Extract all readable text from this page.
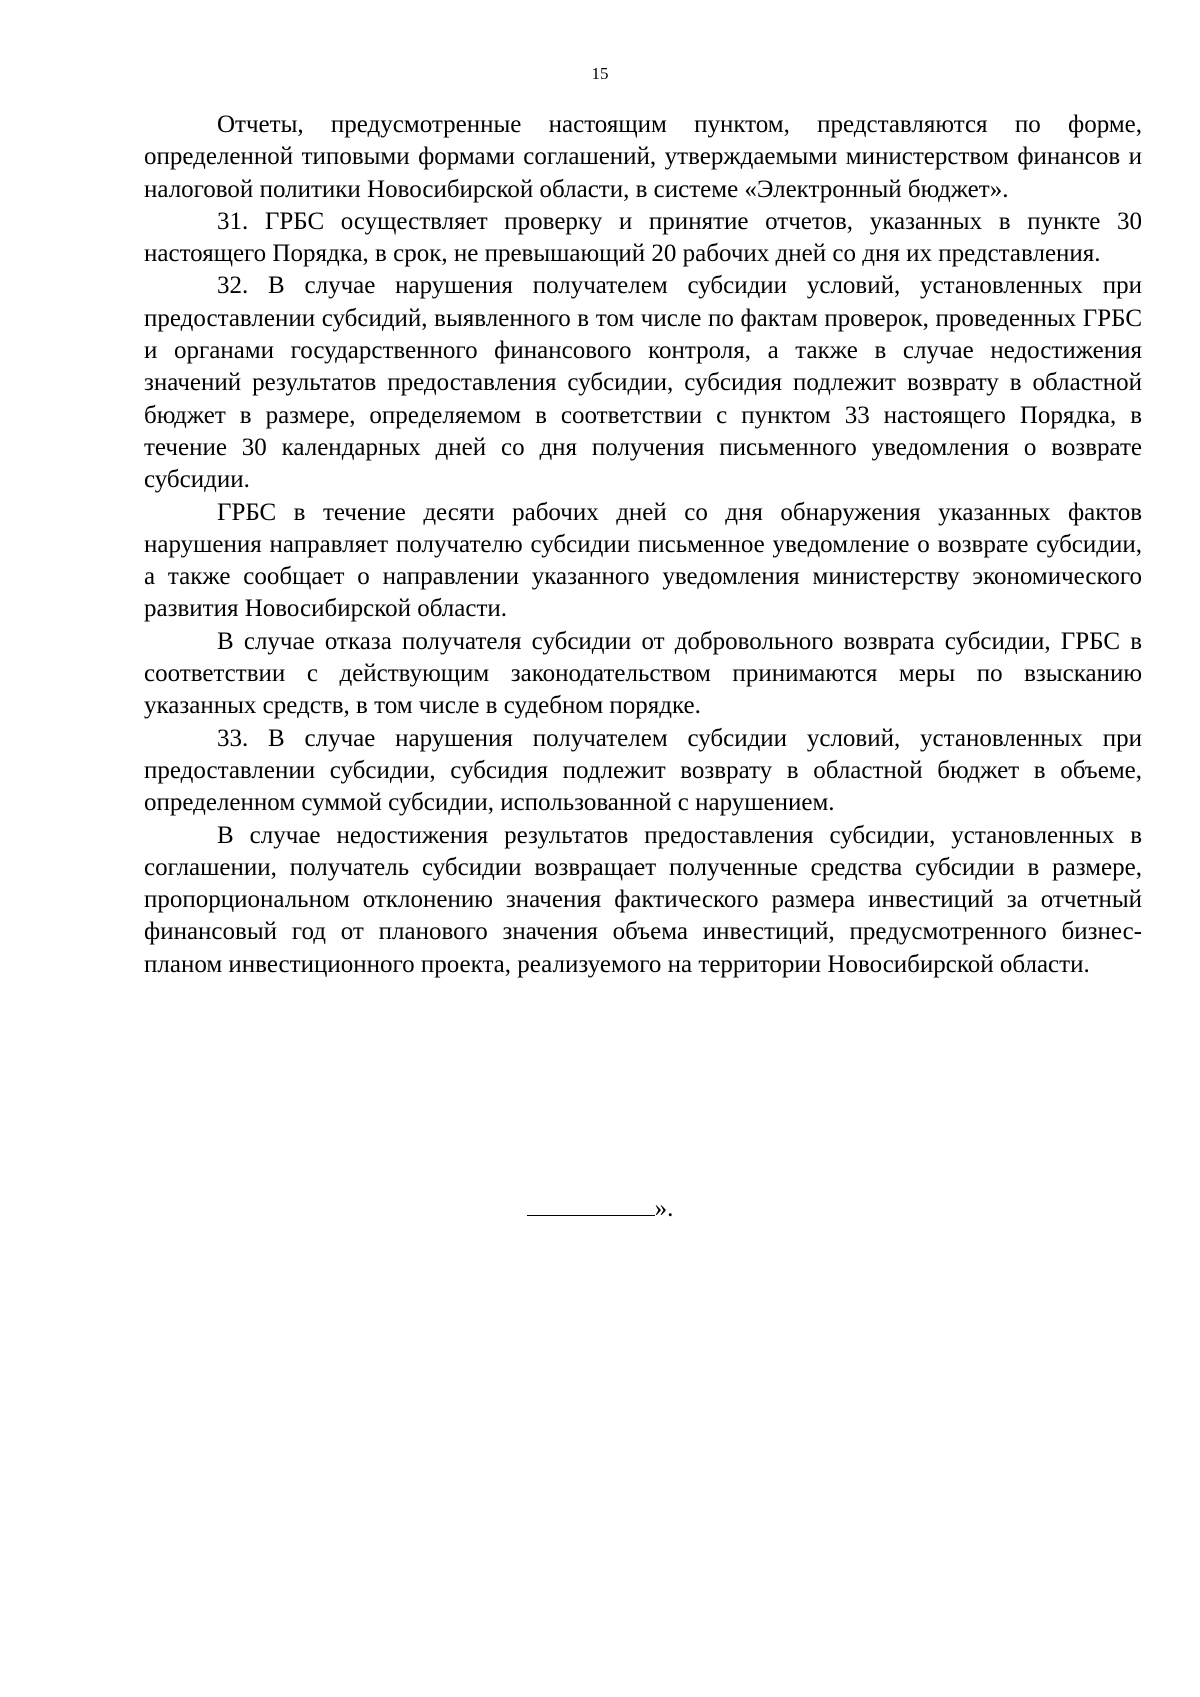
15

Отчеты, предусмотренные настоящим пунктом, представляются по форме, определенной типовыми формами соглашений, утверждаемыми министерством финансов и налоговой политики Новосибирской области, в системе «Электронный бюджет».

31. ГРБС осуществляет проверку и принятие отчетов, указанных в пункте 30 настоящего Порядка, в срок, не превышающий 20 рабочих дней со дня их представления.

32. В случае нарушения получателем субсидии условий, установленных при предоставлении субсидий, выявленного в том числе по фактам проверок, проведенных ГРБС и органами государственного финансового контроля, а также в случае недостижения значений результатов предоставления субсидии, субсидия подлежит возврату в областной бюджет в размере, определяемом в соответствии с пунктом 33 настоящего Порядка, в течение 30 календарных дней со дня получения письменного уведомления о возврате субсидии.

ГРБС в течение десяти рабочих дней со дня обнаружения указанных фактов нарушения направляет получателю субсидии письменное уведомление о возврате субсидии, а также сообщает о направлении указанного уведомления министерству экономического развития Новосибирской области.

В случае отказа получателя субсидии от добровольного возврата субсидии, ГРБС в соответствии с действующим законодательством принимаются меры по взысканию указанных средств, в том числе в судебном порядке.

33. В случае нарушения получателем субсидии условий, установленных при предоставлении субсидии, субсидия подлежит возврату в областной бюджет в объеме, определенном суммой субсидии, использованной с нарушением.

В случае недостижения результатов предоставления субсидии, установленных в соглашении, получатель субсидии возвращает полученные средства субсидии в размере, пропорциональном отклонению значения фактического размера инвестиций за отчетный финансовый год от планового значения объема инвестиций, предусмотренного бизнес-планом инвестиционного проекта, реализуемого на территории Новосибирской области.

».
